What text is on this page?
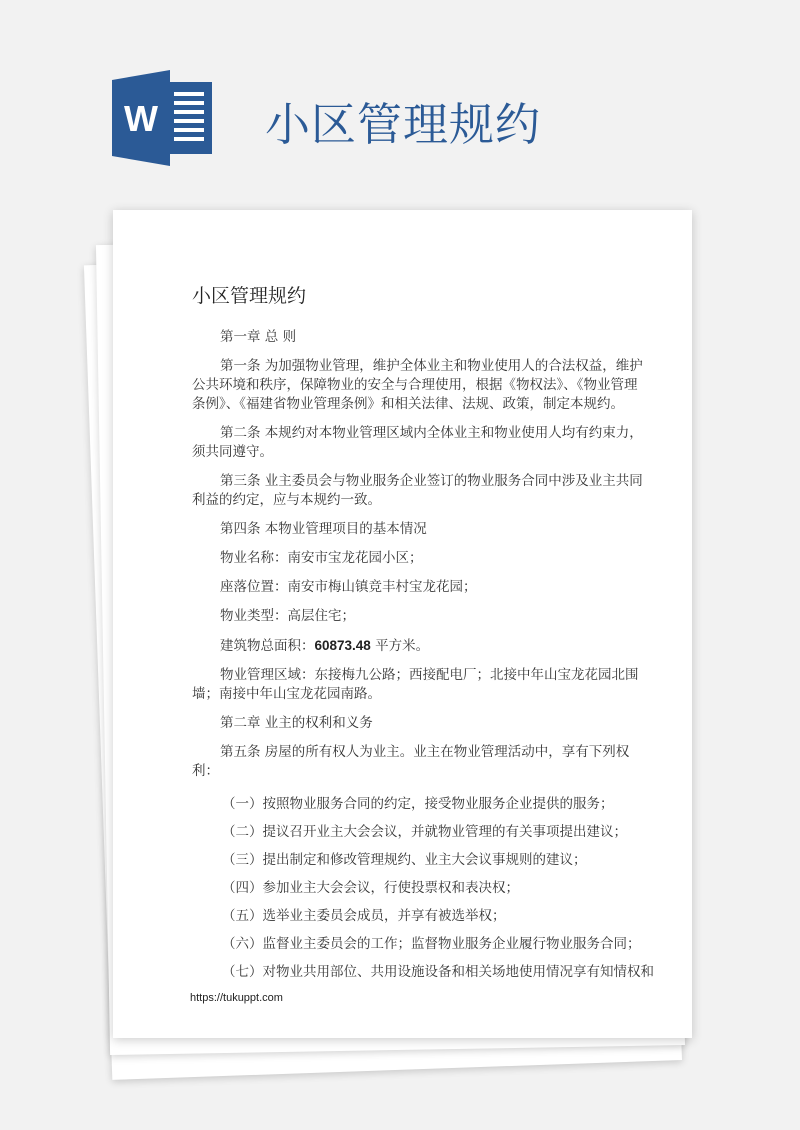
W 小区管理规约
小区管理规约

第一章 总 则

第一条 为加强物业管理，维护全体业主和物业使用人的合法权益，维护公共环境和秩序，保障物业的安全与合理使用，根据《物权法》、《物业管理条例》、《福建省物业管理条例》和相关法律、法规、政策，制定本规约。

第二条 本规约对本物业管理区域内全体业主和物业使用人均有约束力，须共同遵守。

第三条 业主委员会与物业服务企业签订的物业服务合同中涉及业主共同利益的约定，应与本规约一致。

第四条 本物业管理项目的基本情况

物业名称：南安市宝龙花园小区；

座落位置：南安市梅山镇竞丰村宝龙花园；

物业类型：高层住宅；

建筑物总面积：60873.48 平方米。

物业管理区域：东接梅九公路；西接配电厂；北接中年山宝龙花园北围墙；南接中年山宝龙花园南路。

第二章 业主的权利和义务

第五条 房屋的所有权人为业主。业主在物业管理活动中，享有下列权利：

（一）按照物业服务合同的约定，接受物业服务企业提供的服务；

（二）提议召开业主大会会议，并就物业管理的有关事项提出建议；

（三）提出制定和修改管理规约、业主大会议事规则的建议；

（四）参加业主大会会议，行使投票权和表决权；

（五）选举业主委员会成员，并享有被选举权；

（六）监督业主委员会的工作；监督物业服务企业履行物业服务合同；

（七）对物业共用部位、共用设施设备和相关场地使用情况享有知情权和

https://tukuppt.com
